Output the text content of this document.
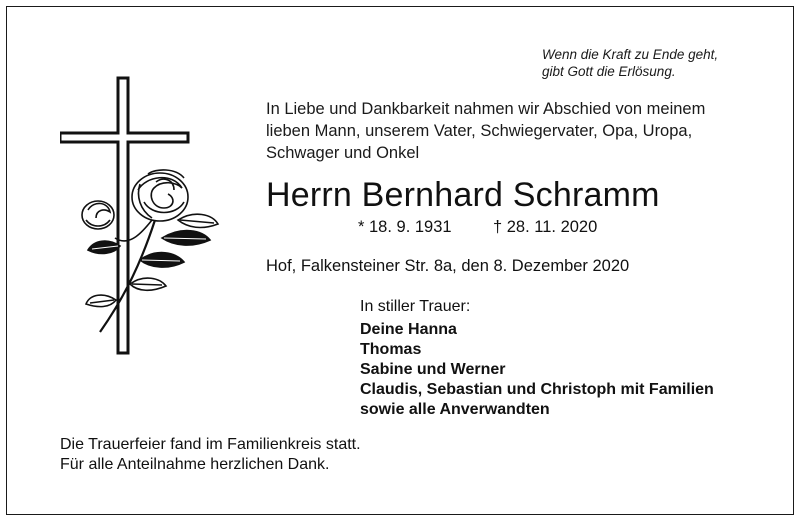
Wenn die Kraft zu Ende geht,
gibt Gott die Erlösung.
In Liebe und Dankbarkeit nahmen wir Abschied von meinem
lieben Mann, unserem Vater, Schwiegervater, Opa, Uropa,
Schwager und Onkel
Herrn Bernhard Schramm
* 18. 9. 1931	† 28. 11. 2020
Hof, Falkensteiner Str. 8a, den 8. Dezember 2020
In stiller Trauer:
Deine Hanna
Thomas
Sabine und Werner
Claudis, Sebastian und Christoph mit Familien
sowie alle Anverwandten
Die Trauerfeier fand im Familienkreis statt.
Für alle Anteilnahme herzlichen Dank.
